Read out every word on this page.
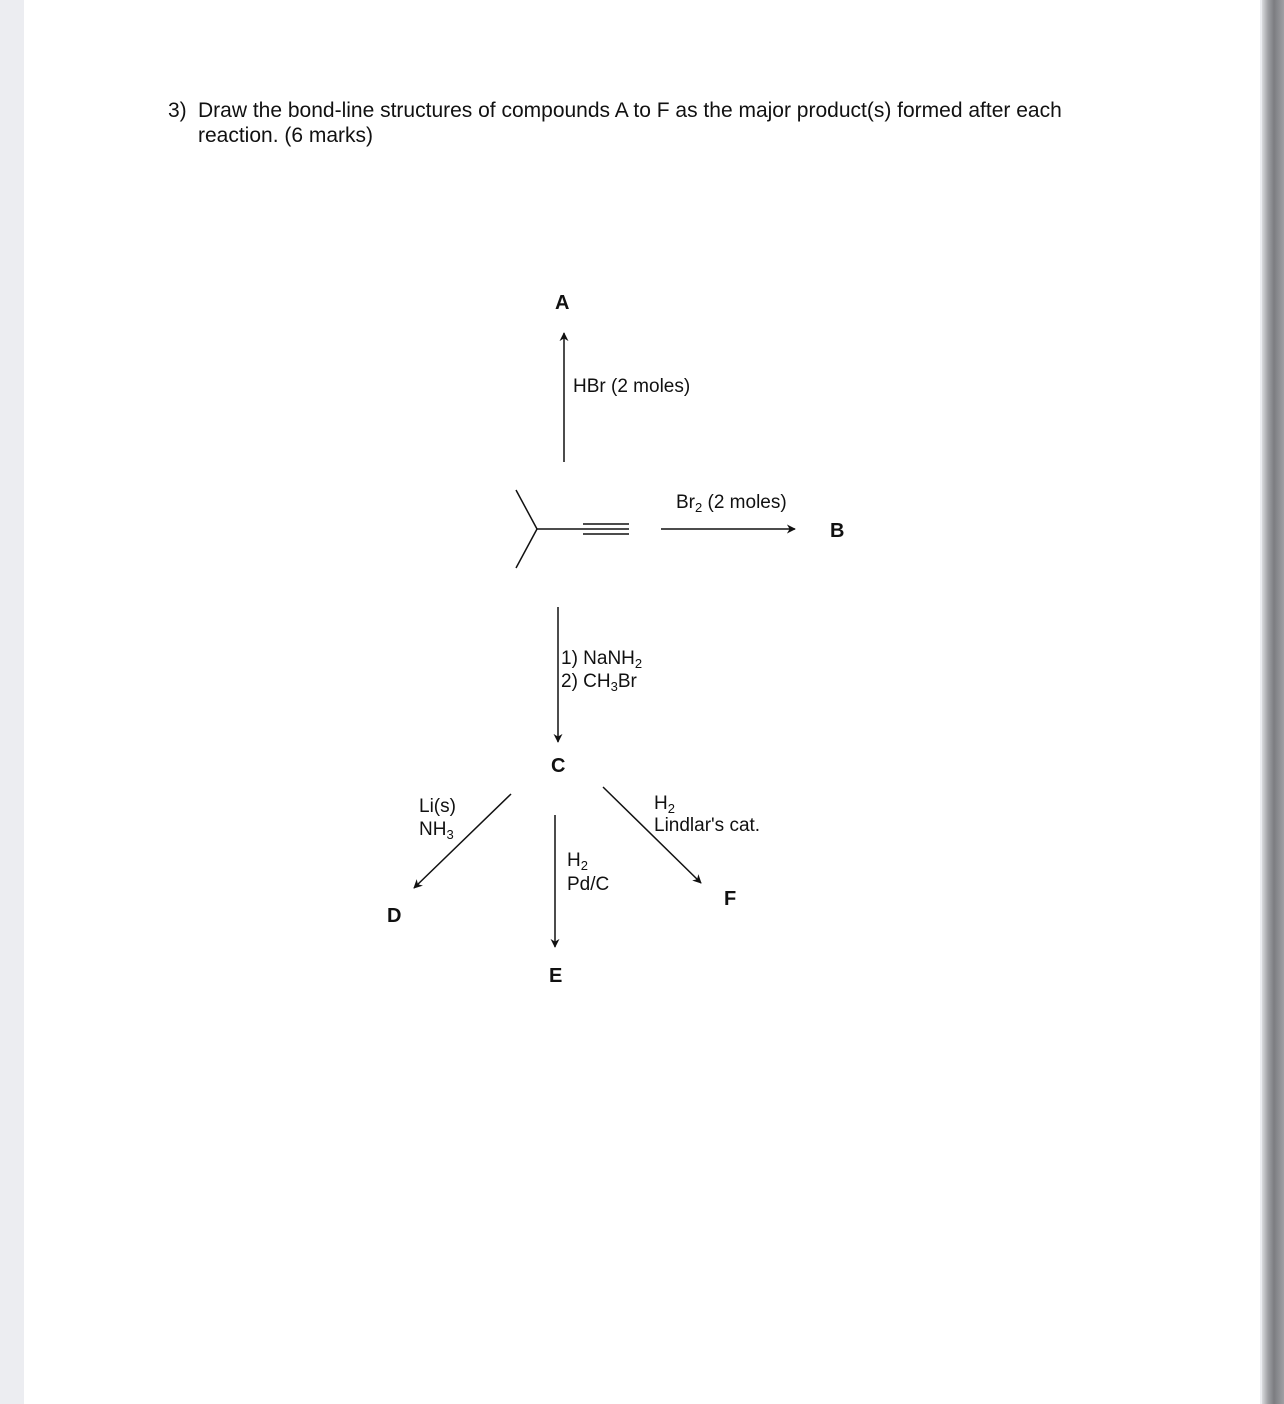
3) Draw the bond-line structures of compounds A to F as the major product(s) formed after each reaction. (6 marks)
A
B
C
D
E
F
HBr (2 moles)
$Br_2$ (2 moles)
1) NaNH$_2$
2) $CH_3Br$
Li(s)
$NH_3$
$H_2$
Pd/C
$H_2$
Lindlar's cat.
